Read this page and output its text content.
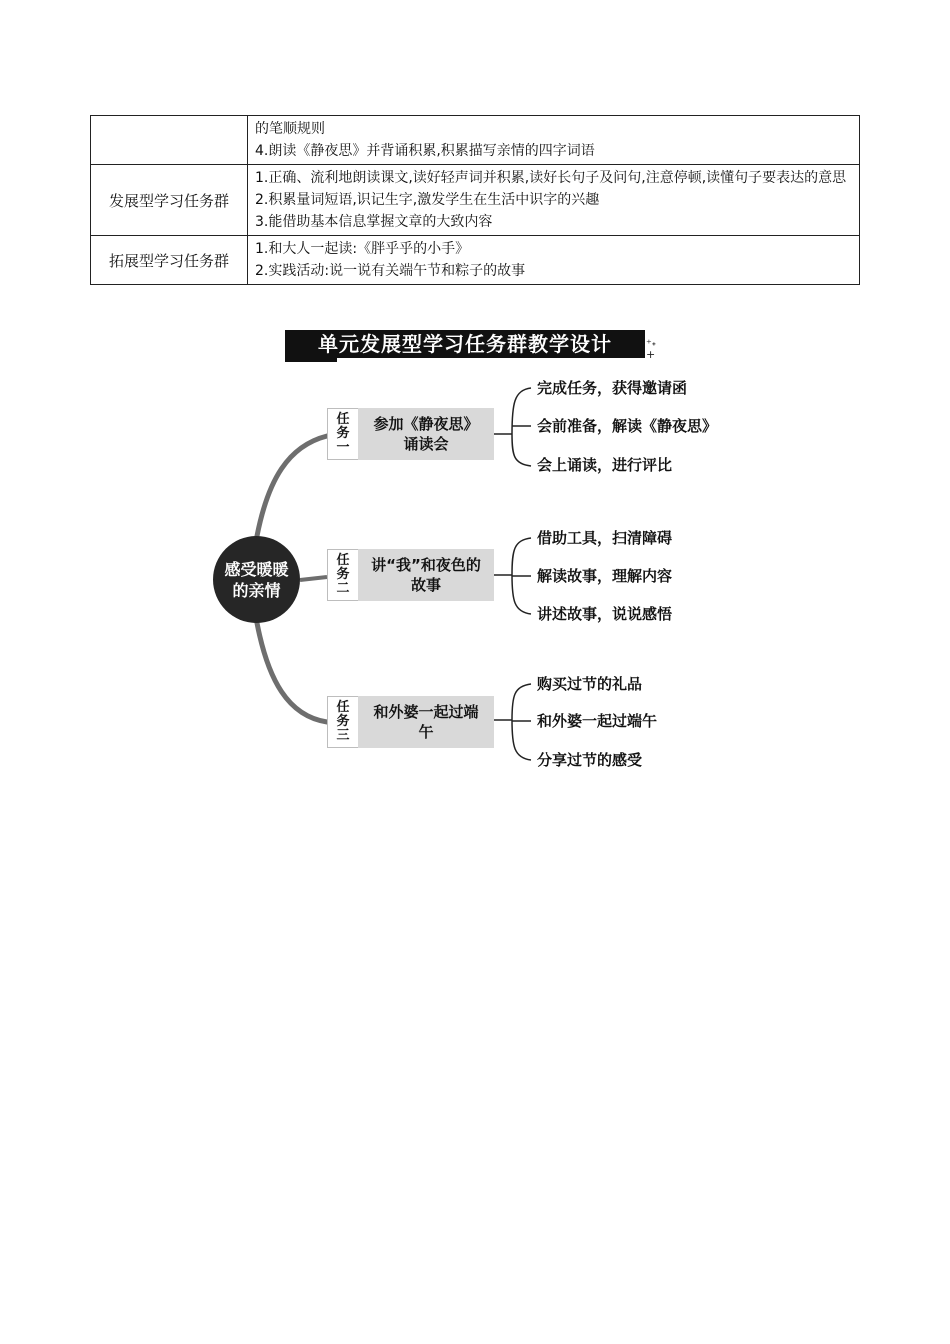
	的笔顺规则
4.朗读《静夜思》并背诵积累,积累描写亲情的四字词语

发展型学习任务群	1.正确、流利地朗读课文,读好轻声词并积累,读好长句子及问句,注意停顿,读懂句子要表达的意思
2.积累量词短语,识记生字,激发学生在生活中识字的兴趣
3.能借助基本信息掌握文章的大致内容

拓展型学习任务群	1.和大人一起读:《胖乎乎的小手》
2.实践活动:说一说有关端午节和粽子的故事
单元发展型学习任务群教学设计	⁺˖
+
感受暖暖的亲情
任
务
一
参加《静夜思》诵读会
完成任务，获得邀请函
会前准备，解读《静夜思》
会上诵读，进行评比
任
务
二
讲“我”和夜色的故事
借助工具，扫清障碍
解读故事，理解内容
讲述故事，说说感悟
任
务
三
和外婆一起过端午
购买过节的礼品
和外婆一起过端午
分享过节的感受
